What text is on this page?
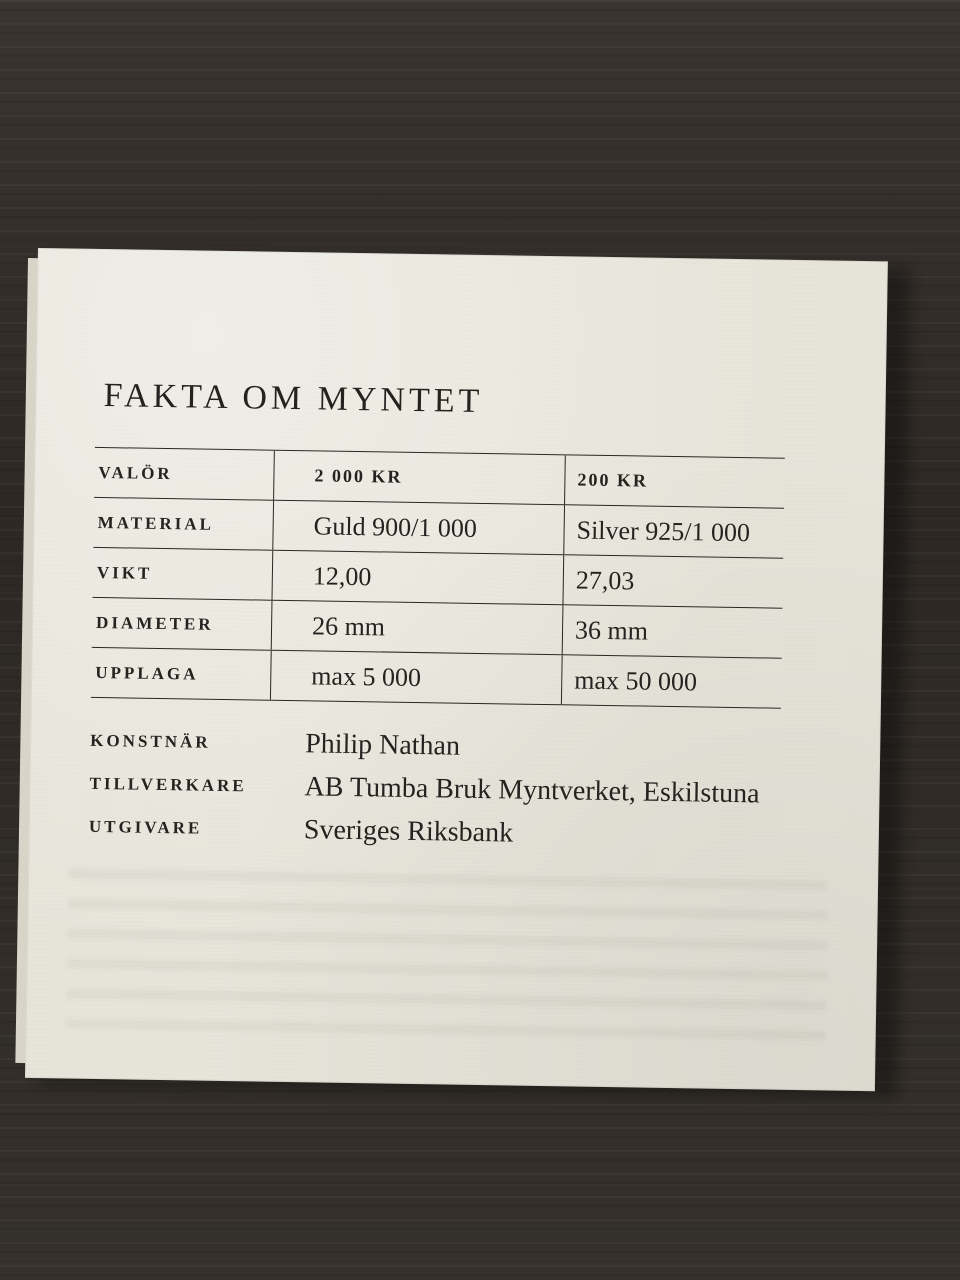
FAKTA OM MYNTET
VALÖR	2 000 KR	200 KR
MATERIAL	Guld 900/1 000	Silver 925/1 000
VIKT	12,00	27,03
DIAMETER	26 mm	36 mm
UPPLAGA	max 5 000	max 50 000
KONSTNÄR	Philip Nathan
TILLVERKARE	AB Tumba Bruk Myntverket, Eskilstuna
UTGIVARE	Sveriges Riksbank
